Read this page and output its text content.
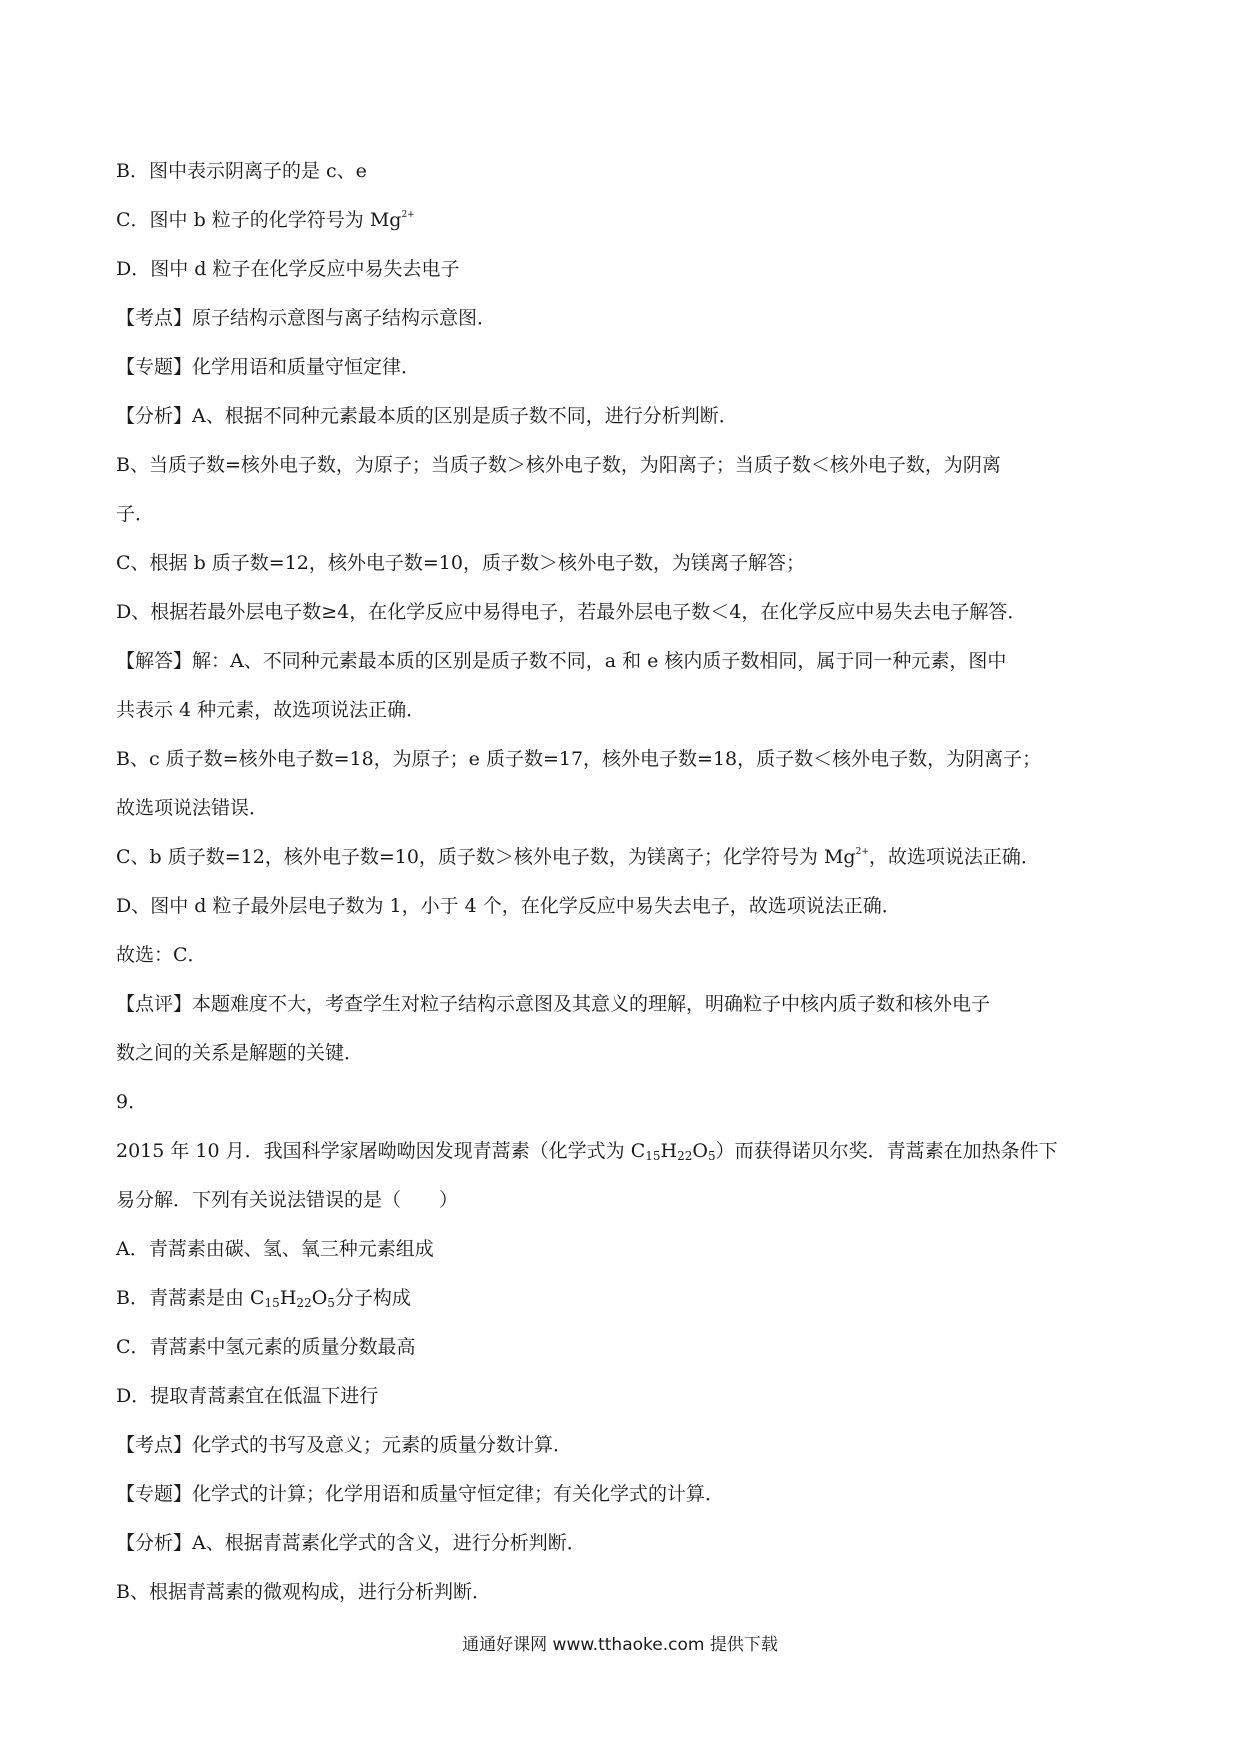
B．图中表示阴离子的是 c、e
C．图中 b 粒子的化学符号为 $Mg^{2+}$
D．图中 d 粒子在化学反应中易失去电子
【考点】原子结构示意图与离子结构示意图．
【专题】化学用语和质量守恒定律．
【分析】A、根据不同种元素最本质的区别是质子数不同，进行分析判断．
B、当质子数=核外电子数，为原子；当质子数＞核外电子数，为阳离子；当质子数＜核外电子数，为阴离
子．
C、根据 b 质子数=12，核外电子数=10，质子数＞核外电子数，为镁离子解答；
D、根据若最外层电子数≥4，在化学反应中易得电子，若最外层电子数＜4，在化学反应中易失去电子解答．
【解答】解：A、不同种元素最本质的区别是质子数不同，a 和 e 核内质子数相同，属于同一种元素，图中
共表示 4 种元素，故选项说法正确．
B、c 质子数=核外电子数=18，为原子；e 质子数=17，核外电子数=18，质子数＜核外电子数，为阴离子；
故选项说法错误．
C、b 质子数=12，核外电子数=10，质子数＞核外电子数，为镁离子；化学符号为 $Mg^{2+}$，故选项说法正确．
D、图中 d 粒子最外层电子数为 1，小于 4 个，在化学反应中易失去电子，故选项说法正确．
故选：C．
【点评】本题难度不大，考查学生对粒子结构示意图及其意义的理解，明确粒子中核内质子数和核外电子
数之间的关系是解题的关键．
9．
2015 年 10 月．我国科学家屠呦呦因发现青蒿素（化学式为 $C_{15}H_{22}O_5$）而获得诺贝尔奖．青蒿素在加热条件下
易分解．下列有关说法错误的是（　　）
A．青蒿素由碳、氢、氧三种元素组成
B．青蒿素是由 $C_{15}H_{22}O_5$分子构成
C．青蒿素中氢元素的质量分数最高
D．提取青蒿素宜在低温下进行
【考点】化学式的书写及意义；元素的质量分数计算．
【专题】化学式的计算；化学用语和质量守恒定律；有关化学式的计算．
【分析】A、根据青蒿素化学式的含义，进行分析判断．
B、根据青蒿素的微观构成，进行分析判断．
通通好课网 www.tthaoke.com 提供下载
